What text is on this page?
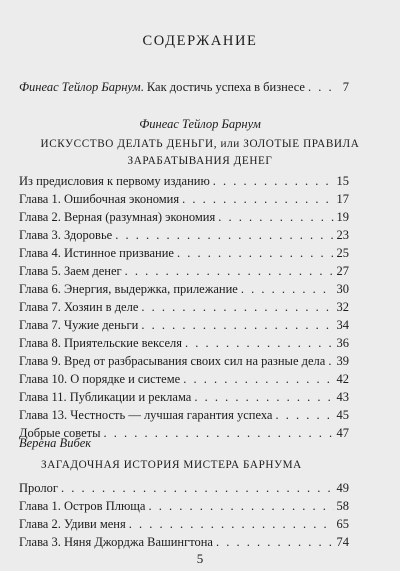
СОДЕРЖАНИЕ
Финеас Тейлор Барнум . Как достичь успеха в бизнесе . . .	7
Финеас Тейлор Барнум
ИСКУССТВО ДЕЛАТЬ ДЕНЬГИ, или ЗОЛОТЫЕ ПРАВИЛА
ЗАРАБАТЫВАНИЯ ДЕНЕГ
Из предисловия к первому изданию . . .	15
Глава 1. Ошибочная экономия . . .	17
Глава 2. Верная (разумная) экономия . . .	19
Глава 3. Здоровье . . .	23
Глава 4. Истинное призвание . . .	25
Глава 5. Заем денег . . .	27
Глава 6. Энергия, выдержка, прилежание . . .	30
Глава 7. Хозяин в деле . . .	32
Глава 7. Чужие деньги . . .	34
Глава 8. Приятельские векселя . . .	36
Глава 9. Вред от разбрасывания своих сил на разные дела . . . 39
Глава 10. О порядке и системе . . .	42
Глава 11. Публикации и реклама . . .	43
Глава 13. Честность — лучшая гарантия успеха . . .	45
Добрые советы . . .	47
Верена Вибек
ЗАГАДОЧНАЯ ИСТОРИЯ МИСТЕРА БАРНУМА
Пролог . . .	49
Глава 1. Остров Плюща . . .	58
Глава 2. Удиви меня . . .	65
Глава 3. Няня Джорджа Вашингтона . . .	74
5
